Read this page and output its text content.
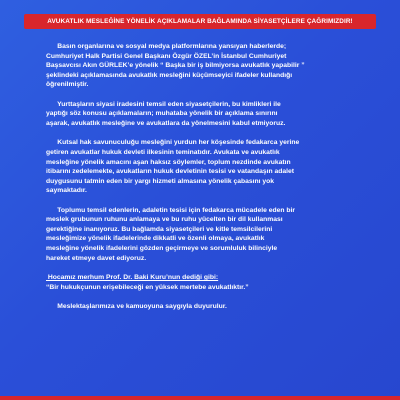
AVUKATLIK MESLEĞİNE YÖNELİK AÇIKLAMALAR BAĞLAMINDA SİYASETÇİLERE ÇAĞRIMIZDIR!
Basın organlarına ve sosyal medya platformlarına yansıyan haberlerde;
Cumhuriyet Halk Partisi Genel Başkanı Özgür ÖZEL’in İstanbul Cumhuriyet
Başsavcısı Akın GÜRLEK’e yönelik “ Başka bir iş bilmiyorsa avukatlık yapabilir ”
şeklindeki açıklamasında avukatlık mesleğini küçümseyici ifadeler kullandığı
öğrenilmiştir.
Yurttaşların siyasi iradesini temsil eden siyasetçilerin, bu kimlikleri ile
yaptığı söz konusu açıklamaların; muhataba yönelik bir açıklama sınırını
aşarak, avukatlık mesleğine ve avukatlara da yönelmesini kabul etmiyoruz.
Kutsal hak savunuculuğu mesleğini yurdun her köşesinde fedakarca yerine
getiren avukatlar hukuk devleti ilkesinin teminatıdır. Avukata ve avukatlık
mesleğine yönelik amacını aşan haksız söylemler, toplum nezdinde avukatın
itibarını zedelemekte, avukatların hukuk devletinin tesisi ve vatandaşın adalet
duygusunu tatmin eden bir yargı hizmeti almasına yönelik çabasını yok
saymaktadır.
Toplumu temsil edenlerin, adaletin tesisi için fedakarca mücadele eden bir
meslek grubunun ruhunu anlamaya ve bu ruhu yücelten bir dil kullanması
gerektiğine inanıyoruz. Bu bağlamda siyasetçileri ve kitle temsilcilerini
mesleğimize yönelik ifadelerinde dikkatli ve özenli olmaya, avukatlık
mesleğine yönelik ifadelerini gözden geçirmeye ve sorumluluk bilinciyle
hareket etmeye davet ediyoruz.
Hocamız merhum Prof. Dr. Baki Kuru’nun dediği gibi:
“Bir hukukçunun erişebileceği en yüksek mertebe avukatlıktır.”
Meslektaşlarımıza ve kamuoyuna saygıyla duyurulur.
